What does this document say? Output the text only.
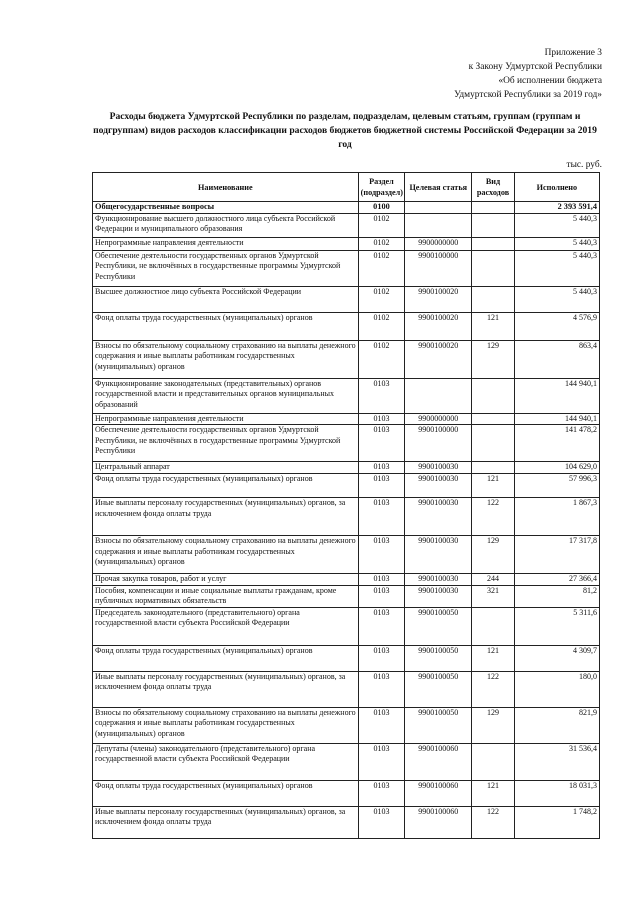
Приложение 3
к Закону Удмуртской Республики
«Об исполнении бюджета
Удмуртской Республики за 2019 год»
Расходы бюджета Удмуртской Республики по разделам, подразделам, целевым статьям, группам (группам и подгруппам) видов расходов классификации расходов бюджетов бюджетной системы Российской Федерации за 2019 год
тыс. руб.
Наименование	Раздел (подраздел)	Целевая статья	Вид расходов	Исполнено
Общегосударственные вопросы	0100			2 393 591,4
Функционирование высшего должностного лица субъекта Российской Федерации и муниципального образования	0102			5 440,3
Непрограммные направления деятельности	0102	9900000000		5 440,3
Обеспечение деятельности государственных органов Удмуртской Республики, не включённых в государственные программы Удмуртской Республики	0102	9900100000		5 440,3
Высшее должностное лицо субъекта Российской Федерации	0102	9900100020		5 440,3
Фонд оплаты труда государственных (муниципальных) органов	0102	9900100020	121	4 576,9
Взносы по обязательному социальному страхованию на выплаты денежного содержания и иные выплаты работникам государственных (муниципальных) органов	0102	9900100020	129	863,4
Функционирование законодательных (представительных) органов государственной власти и представительных органов муниципальных образований	0103			144 940,1
Непрограммные направления деятельности	0103	9900000000		144 940,1
Обеспечение деятельности государственных органов Удмуртской Республики, не включённых в государственные программы Удмуртской Республики	0103	9900100000		141 478,2
Центральный аппарат	0103	9900100030		104 629,0
Фонд оплаты труда государственных (муниципальных) органов	0103	9900100030	121	57 996,3
Иные выплаты персоналу государственных (муниципальных) органов, за исключением фонда оплаты труда	0103	9900100030	122	1 867,3
Взносы по обязательному социальному страхованию на выплаты денежного содержания и иные выплаты работникам государственных (муниципальных) органов	0103	9900100030	129	17 317,8
Прочая закупка товаров, работ и услуг	0103	9900100030	244	27 366,4
Пособия, компенсации и иные социальные выплаты гражданам, кроме публичных нормативных обязательств	0103	9900100030	321	81,2
Председатель законодательного (представительного) органа государственной власти субъекта Российской Федерации	0103	9900100050		5 311,6
Фонд оплаты труда государственных (муниципальных) органов	0103	9900100050	121	4 309,7
Иные выплаты персоналу государственных (муниципальных) органов, за исключением фонда оплаты труда	0103	9900100050	122	180,0
Взносы по обязательному социальному страхованию на выплаты денежного содержания и иные выплаты работникам государственных (муниципальных) органов	0103	9900100050	129	821,9
Депутаты (члены) законодательного (представительного) органа государственной власти субъекта Российской Федерации	0103	9900100060		31 536,4
Фонд оплаты труда государственных (муниципальных) органов	0103	9900100060	121	18 031,3
Иные выплаты персоналу государственных (муниципальных) органов, за исключением фонда оплаты труда	0103	9900100060	122	1 748,2
